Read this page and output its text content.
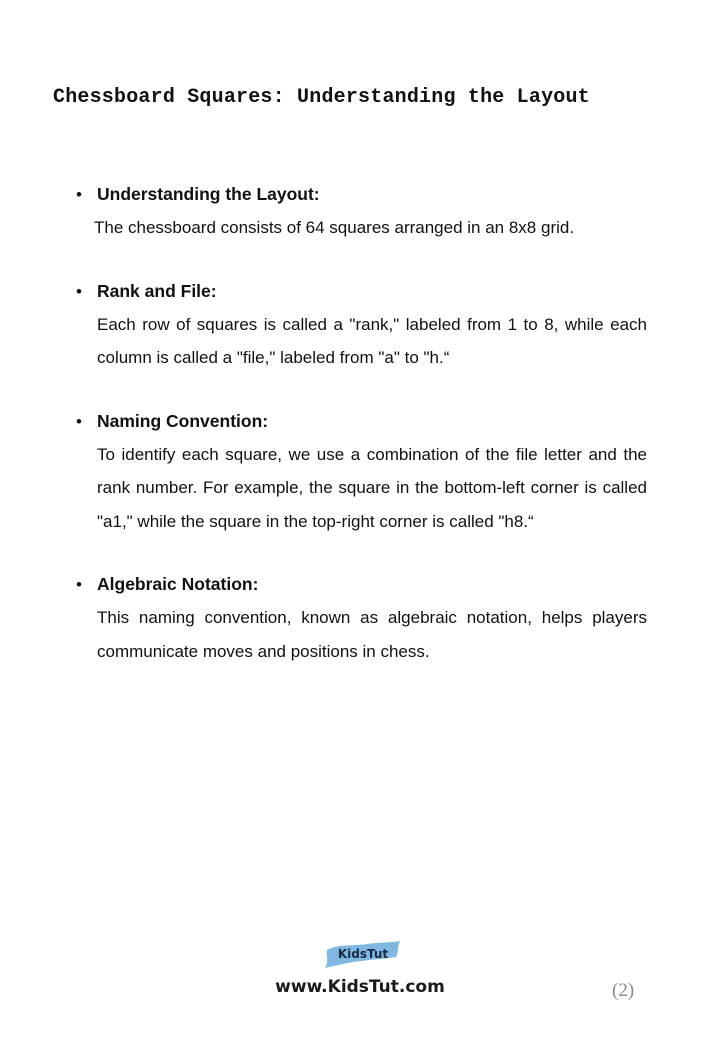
Chessboard Squares: Understanding the Layout
• Understanding the Layout:

The chessboard consists of 64 squares arranged in an 8x8 grid.

• Rank and File:

Each row of squares is called a "rank," labeled from 1 to 8, while each column is called a "file," labeled from "a" to "h.“

• Naming Convention:

To identify each square, we use a combination of the file letter and the rank number. For example, the square in the bottom-left corner is called "a1," while the square in the top-right corner is called "h8.“

• Algebraic Notation:

This naming convention, known as algebraic notation, helps players communicate moves and positions in chess.

KidsTut
www.KidsTut.com	(2)
